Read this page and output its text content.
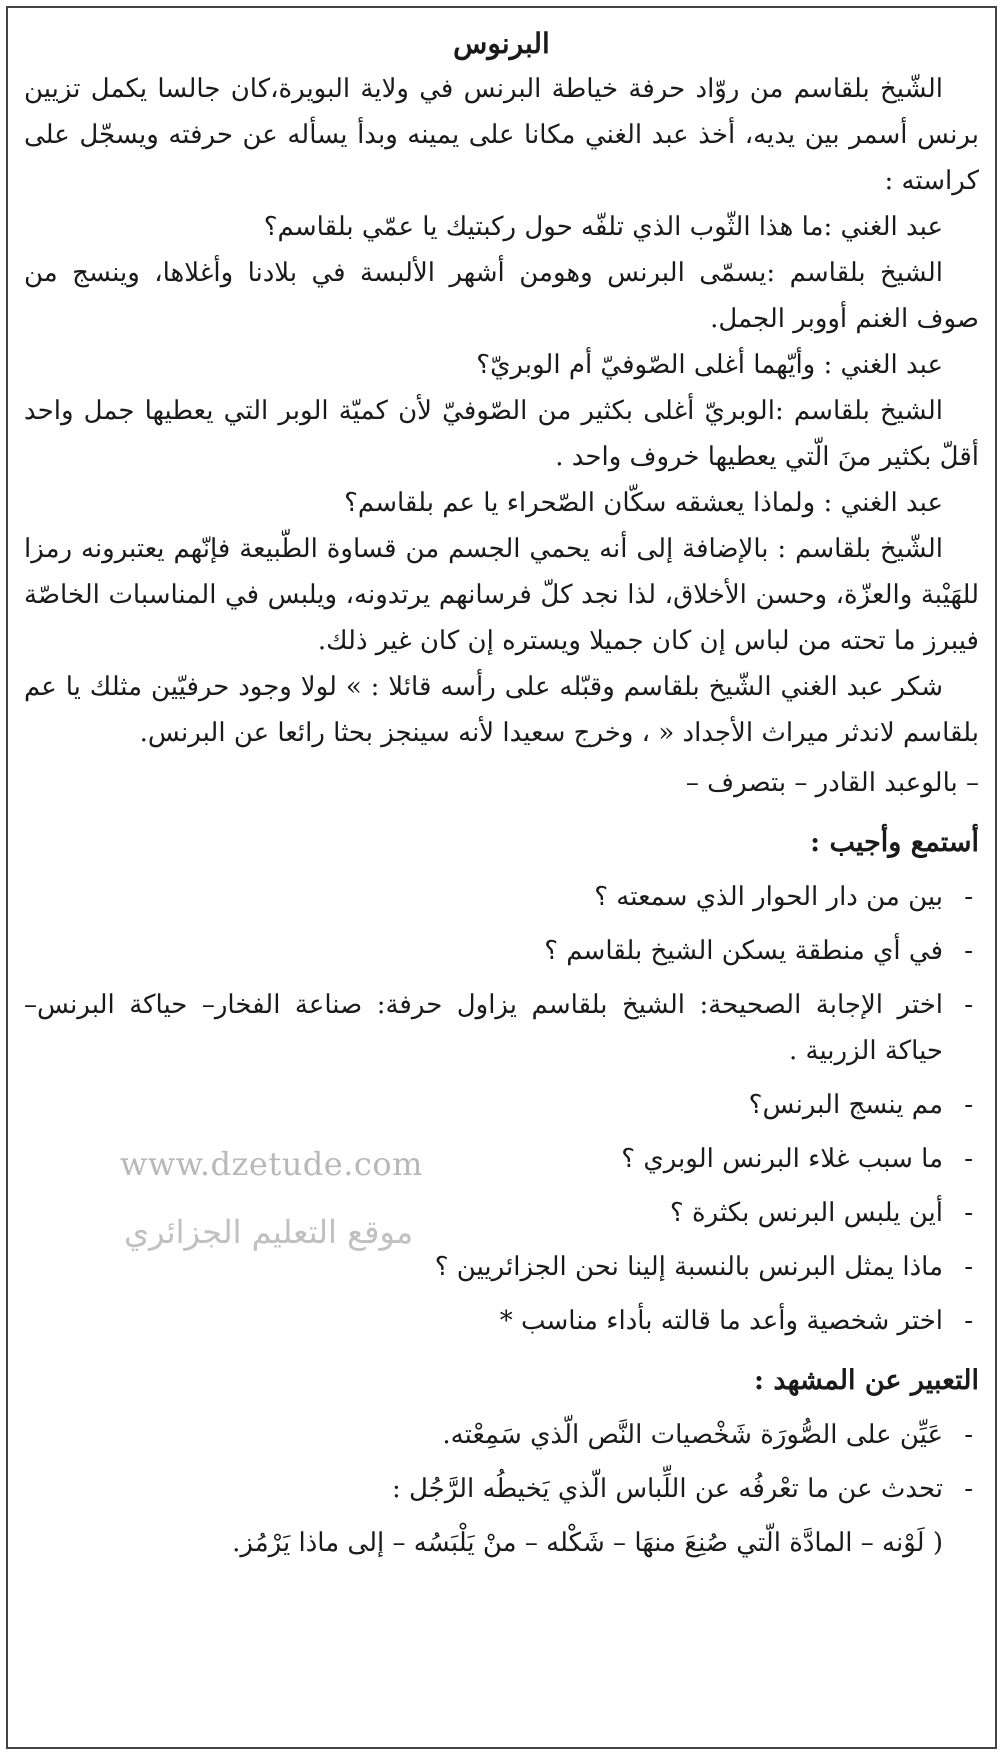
البرنوس

الشّيخ بلقاسم من روّاد حرفة خياطة البرنس في ولاية البويرة،كان جالسا يكمل تزيين برنس أسمر بين يديه، أخذ عبد الغني مكانا على يمينه وبدأ يسأله عن حرفته ويسجّل على كراسته :

عبد الغني :ما هذا الثّوب الذي تلفّه حول ركبتيك يا عمّي بلقاسم؟

الشيخ بلقاسم :يسمّى البرنس وهومن أشهر الألبسة في بلادنا وأغلاها، وينسج من صوف الغنم أووبر الجمل.

عبد الغني : وأيّهما أغلى الصّوفيّ أم الوبريّ؟

الشيخ بلقاسم :الوبريّ أغلى بكثير من الصّوفيّ لأن كميّة الوبر التي يعطيها جمل واحد أقلّ بكثير منَ الّتي يعطيها خروف واحد .

عبد الغني : ولماذا يعشقه سكّان الصّحراء يا عم بلقاسم؟

الشّيخ بلقاسم : بالإضافة إلى أنه يحمي الجسم من قساوة الطّبيعة فإنّهم يعتبرونه رمزا للهَيْبة والعزّة، وحسن الأخلاق، لذا نجد كلّ فرسانهم يرتدونه، ويلبس في المناسبات الخاصّة فيبرز ما تحته من لباس إن كان جميلا ويستره إن كان غير ذلك.

شكر عبد الغني الشّيخ بلقاسم وقبّله على رأسه قائلا : » لولا وجود حرفيّين مثلك يا عم بلقاسم لاندثر ميراث الأجداد « ، وخرج سعيدا لأنه سينجز بحثا رائعا عن البرنس.

– بالوعبد القادر – بتصرف –

أستمع وأجيب :

- بين من دار الحوار الذي سمعته ؟
- في أي منطقة يسكن الشيخ بلقاسم ؟
- اختر الإجابة الصحيحة: الشيخ بلقاسم يزاول حرفة: صناعة الفخار– حياكة البرنس– حياكة الزربية .
- مم ينسج البرنس؟
- ما سبب غلاء البرنس الوبري ؟
- أين يلبس البرنس بكثرة ؟
- ماذا يمثل البرنس بالنسبة إلينا نحن الجزائريين ؟
- اختر شخصية وأعد ما قالته بأداء مناسب *

التعبير عن المشهد :

- عَيِّن على الصُّورَة شَخْصيات النَّص الّذي سَمِعْته.
- تحدث عن ما تعْرفُه عن اللِّباس الّذي يَخيطُه الرَّجُل :

( لَوْنه – المادَّة الّتي صُنِعَ منهَا – شَكْله – منْ يَلْبَسُه – إلى ماذا يَرْمُز.

www.dzetude.com
موقع التعليم الجزائري
